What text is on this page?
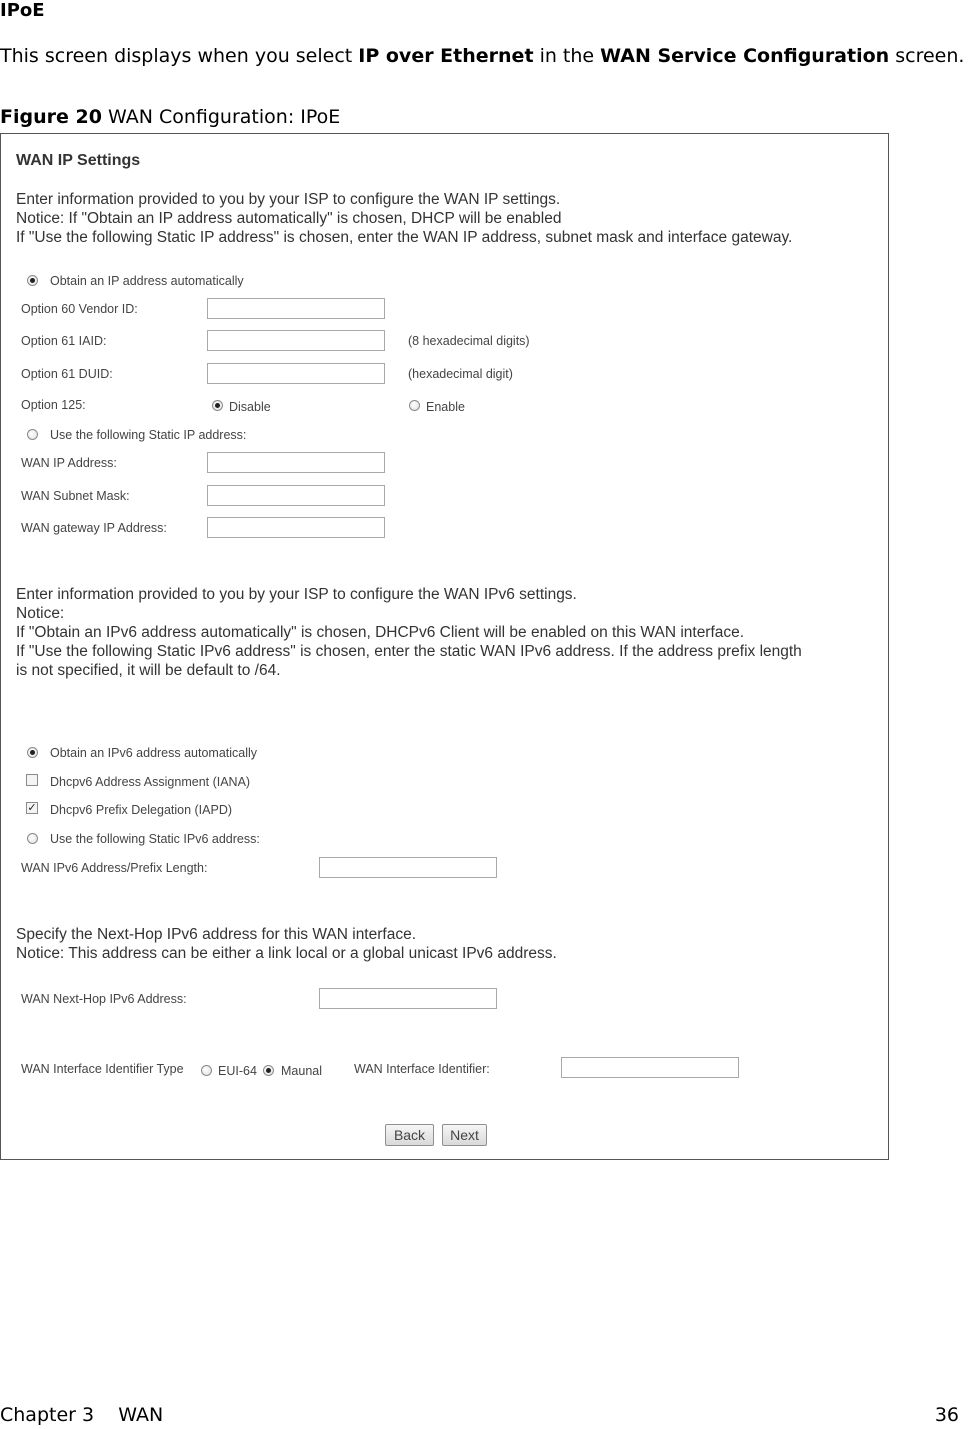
IPoE
This screen displays when you select IP over Ethernet in the WAN Service Configuration screen.
Figure 20 WAN Configuration: IPoE
WAN IP Settings
Enter information provided to you by your ISP to configure the WAN IP settings.
Notice: If "Obtain an IP address automatically" is chosen, DHCP will be enabled
If "Use the following Static IP address" is chosen, enter the WAN IP address, subnet mask and interface gateway.
Obtain an IP address automatically
Option 60 Vendor ID:
Option 61 IAID:	(8 hexadecimal digits)
Option 61 DUID:	(hexadecimal digit)
Option 125:	Disable	Enable
Use the following Static IP address:
WAN IP Address:
WAN Subnet Mask:
WAN gateway IP Address:
Enter information provided to you by your ISP to configure the WAN IPv6 settings.
Notice:
If "Obtain an IPv6 address automatically" is chosen, DHCPv6 Client will be enabled on this WAN interface.
If "Use the following Static IPv6 address" is chosen, enter the static WAN IPv6 address. If the address prefix length
is not specified, it will be default to /64.
Obtain an IPv6 address automatically
Dhcpv6 Address Assignment (IANA)
✓ Dhcpv6 Prefix Delegation (IAPD)
Use the following Static IPv6 address:
WAN IPv6 Address/Prefix Length:
Specify the Next-Hop IPv6 address for this WAN interface.
Notice: This address can be either a link local or a global unicast IPv6 address.
WAN Next-Hop IPv6 Address:
WAN Interface Identifier Type	EUI-64 Maunal	WAN Interface Identifier:
Back	Next
Chapter 3    WAN	36
